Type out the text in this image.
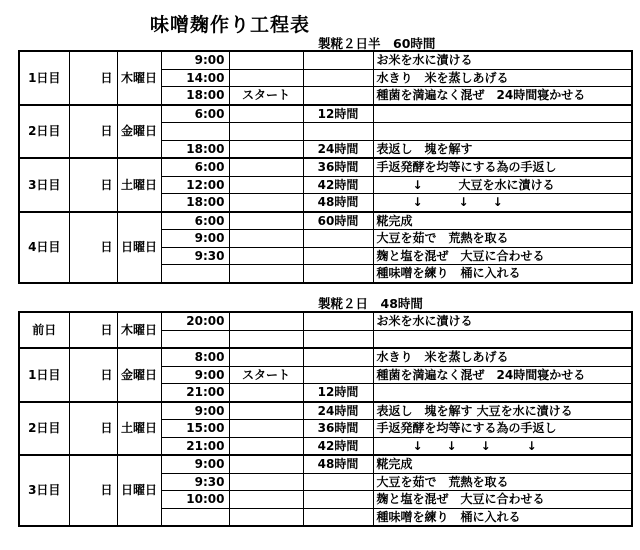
味噌麹作り工程表
製糀２日半　60時間
1日目	日	木曜日	9:00			お米を水に漬ける
			14:00			水きり　米を蒸しあげる
			18:00	スタート		種菌を満遍なく混ぜ　24時間寝かせる
2日目	日	金曜日	6:00		12時間	

			18:00		24時間	表返し　塊を解す
3日目	日	土曜日	6:00		36時間	手返発酵を均等にする為の手返し
			12:00		42時間	　　　↓　　　大豆を水に漬ける
			18:00		48時間	　　　↓　　　↓　　↓
4日目	日	日曜日	6:00		60時間	糀完成
			9:00			大豆を茹で　荒熱を取る
			9:30			麹と塩を混ぜ　大豆に合わせる
						種味噌を練り　桶に入れる
製糀２日　48時間
前日	日	木曜日	20:00			お米を水に漬ける

1日目	日	金曜日	8:00			水きり　米を蒸しあげる
			9:00	スタート		種菌を満遍なく混ぜ　24時間寝かせる
			21:00		12時間	
2日目	日	土曜日	9:00		24時間	表返し　塊を解す 大豆を水に漬ける
			15:00		36時間	手返発酵を均等にする為の手返し
			21:00		42時間	　　　↓　　↓　　↓　　　↓
3日目	日	日曜日	9:00		48時間	糀完成
			9:30			大豆を茹で　荒熱を取る
			10:00			麹と塩を混ぜ　大豆に合わせる
						種味噌を練り　桶に入れる
